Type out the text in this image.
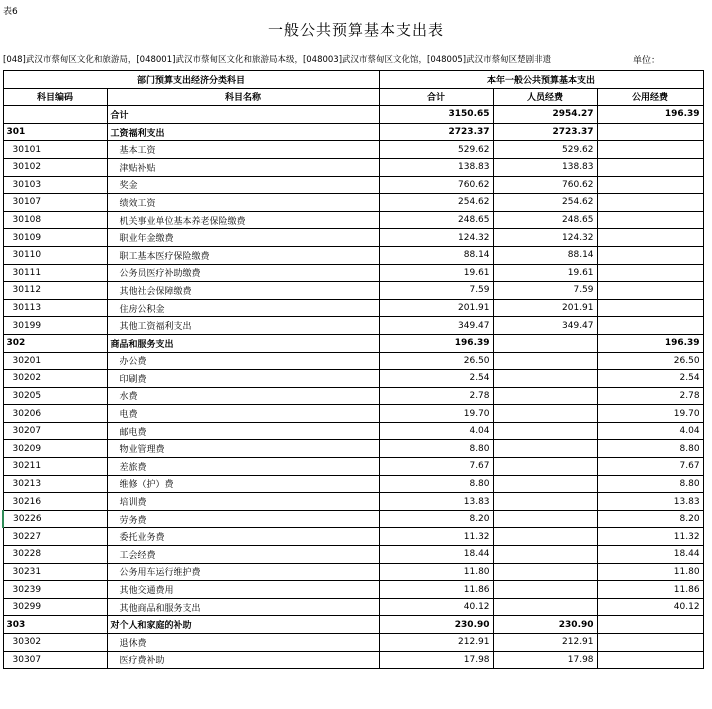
表6
一般公共预算基本支出表
[048]武汉市蔡甸区文化和旅游局，[048001]武汉市蔡甸区文化和旅游局本级，[048003]武汉市蔡甸区文化馆，[048005]武汉市蔡甸区楚剧非遗	单位：
部门预算支出经济分类科目		本年一般公共预算基本支出		
科目编码	科目名称	合计	人员经费	公用经费
	合计	3150.65	2954.27	196.39
301	工资福利支出	2723.37	2723.37	
30101	基本工资	529.62	529.62	
30102	津贴补贴	138.83	138.83	
30103	奖金	760.62	760.62	
30107	绩效工资	254.62	254.62	
30108	机关事业单位基本养老保险缴费	248.65	248.65	
30109	职业年金缴费	124.32	124.32	
30110	职工基本医疗保险缴费	88.14	88.14	
30111	公务员医疗补助缴费	19.61	19.61	
30112	其他社会保障缴费	7.59	7.59	
30113	住房公积金	201.91	201.91	
30199	其他工资福利支出	349.47	349.47	
302	商品和服务支出	196.39		196.39
30201	办公费	26.50		26.50
30202	印刷费	2.54		2.54
30205	水费	2.78		2.78
30206	电费	19.70		19.70
30207	邮电费	4.04		4.04
30209	物业管理费	8.80		8.80
30211	差旅费	7.67		7.67
30213	维修（护）费	8.80		8.80
30216	培训费	13.83		13.83
30226	劳务费	8.20		8.20
30227	委托业务费	11.32		11.32
30228	工会经费	18.44		18.44
30231	公务用车运行维护费	11.80		11.80
30239	其他交通费用	11.86		11.86
30299	其他商品和服务支出	40.12		40.12
303	对个人和家庭的补助	230.90	230.90	
30302	退休费	212.91	212.91	
30307	医疗费补助	17.98	17.98	
